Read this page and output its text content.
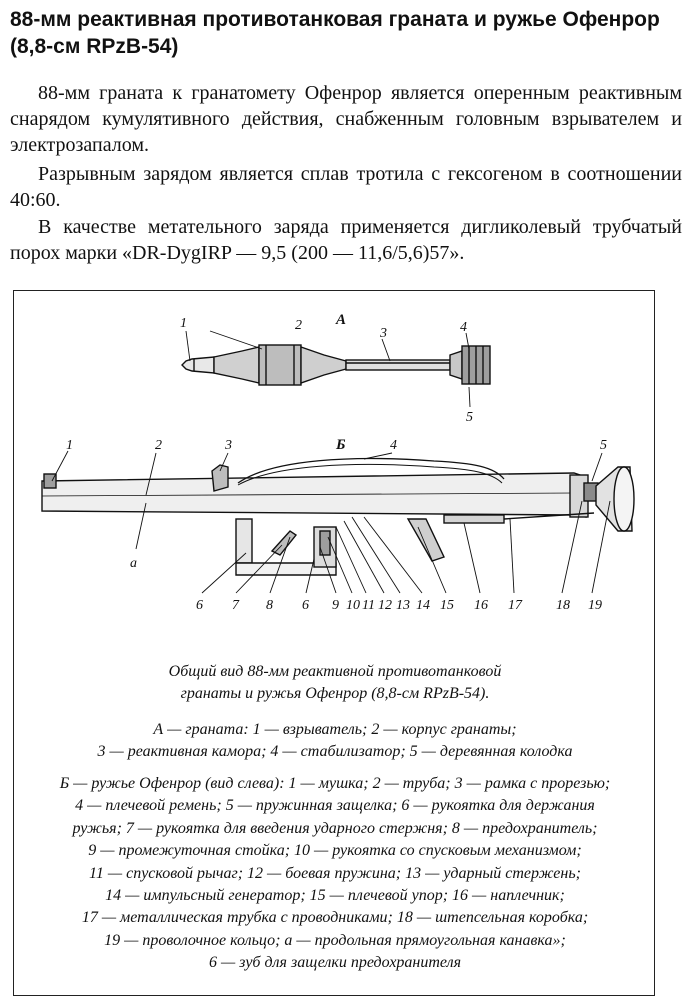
88-мм реактивная противотанковая граната и ружье Офенрор (8,8-см RPzB-54)

88-мм граната к гранатомету Офенрор является оперенным реактивным снарядом кумулятивного действия, снабженным головным взрывателем и электрозапалом.

Разрывным зарядом является сплав тротила с гексогеном в соотношении 40:60.

В качестве метательного заряда применяется дигликолевый трубчатый порох марки «DR-DygIRP — 9,5 (200 — 11,6/5,6)57».

А
1	2
3	4
5
Б
1	2	3	4	5
а
6 7 8 6 9 10 11 12 13 14 15 16 17 18 19

Общий вид 88-мм реактивной противотанковой

гранаты и ружья Офенрор (8,8-см RPzB-54).

А — граната: 1 — взрыватель; 2 — корпус гранаты;

3 — реактивная камора; 4 — стабилизатор; 5 — деревянная колодка

Б — ружье Офенрор (вид слева): 1 — мушка; 2 — труба; 3 — рамка с прорезью;

4 — плечевой ремень; 5 — пружинная защелка; 6 — рукоятка для держания

ружья; 7 — рукоятка для введения ударного стержня; 8 — предохранитель;

9 — промежуточная стойка; 10 — рукоятка со спусковым механизмом;

11 — спусковой рычаг; 12 — боевая пружина; 13 — ударный стержень;

14 — импульсный генератор; 15 — плечевой упор; 16 — наплечник;

17 — металлическая трубка с проводниками; 18 — штепсельная коробка;

19 — проволочное кольцо; а — продольная прямоугольная канавка»;

6 — зуб для защелки предохранителя
